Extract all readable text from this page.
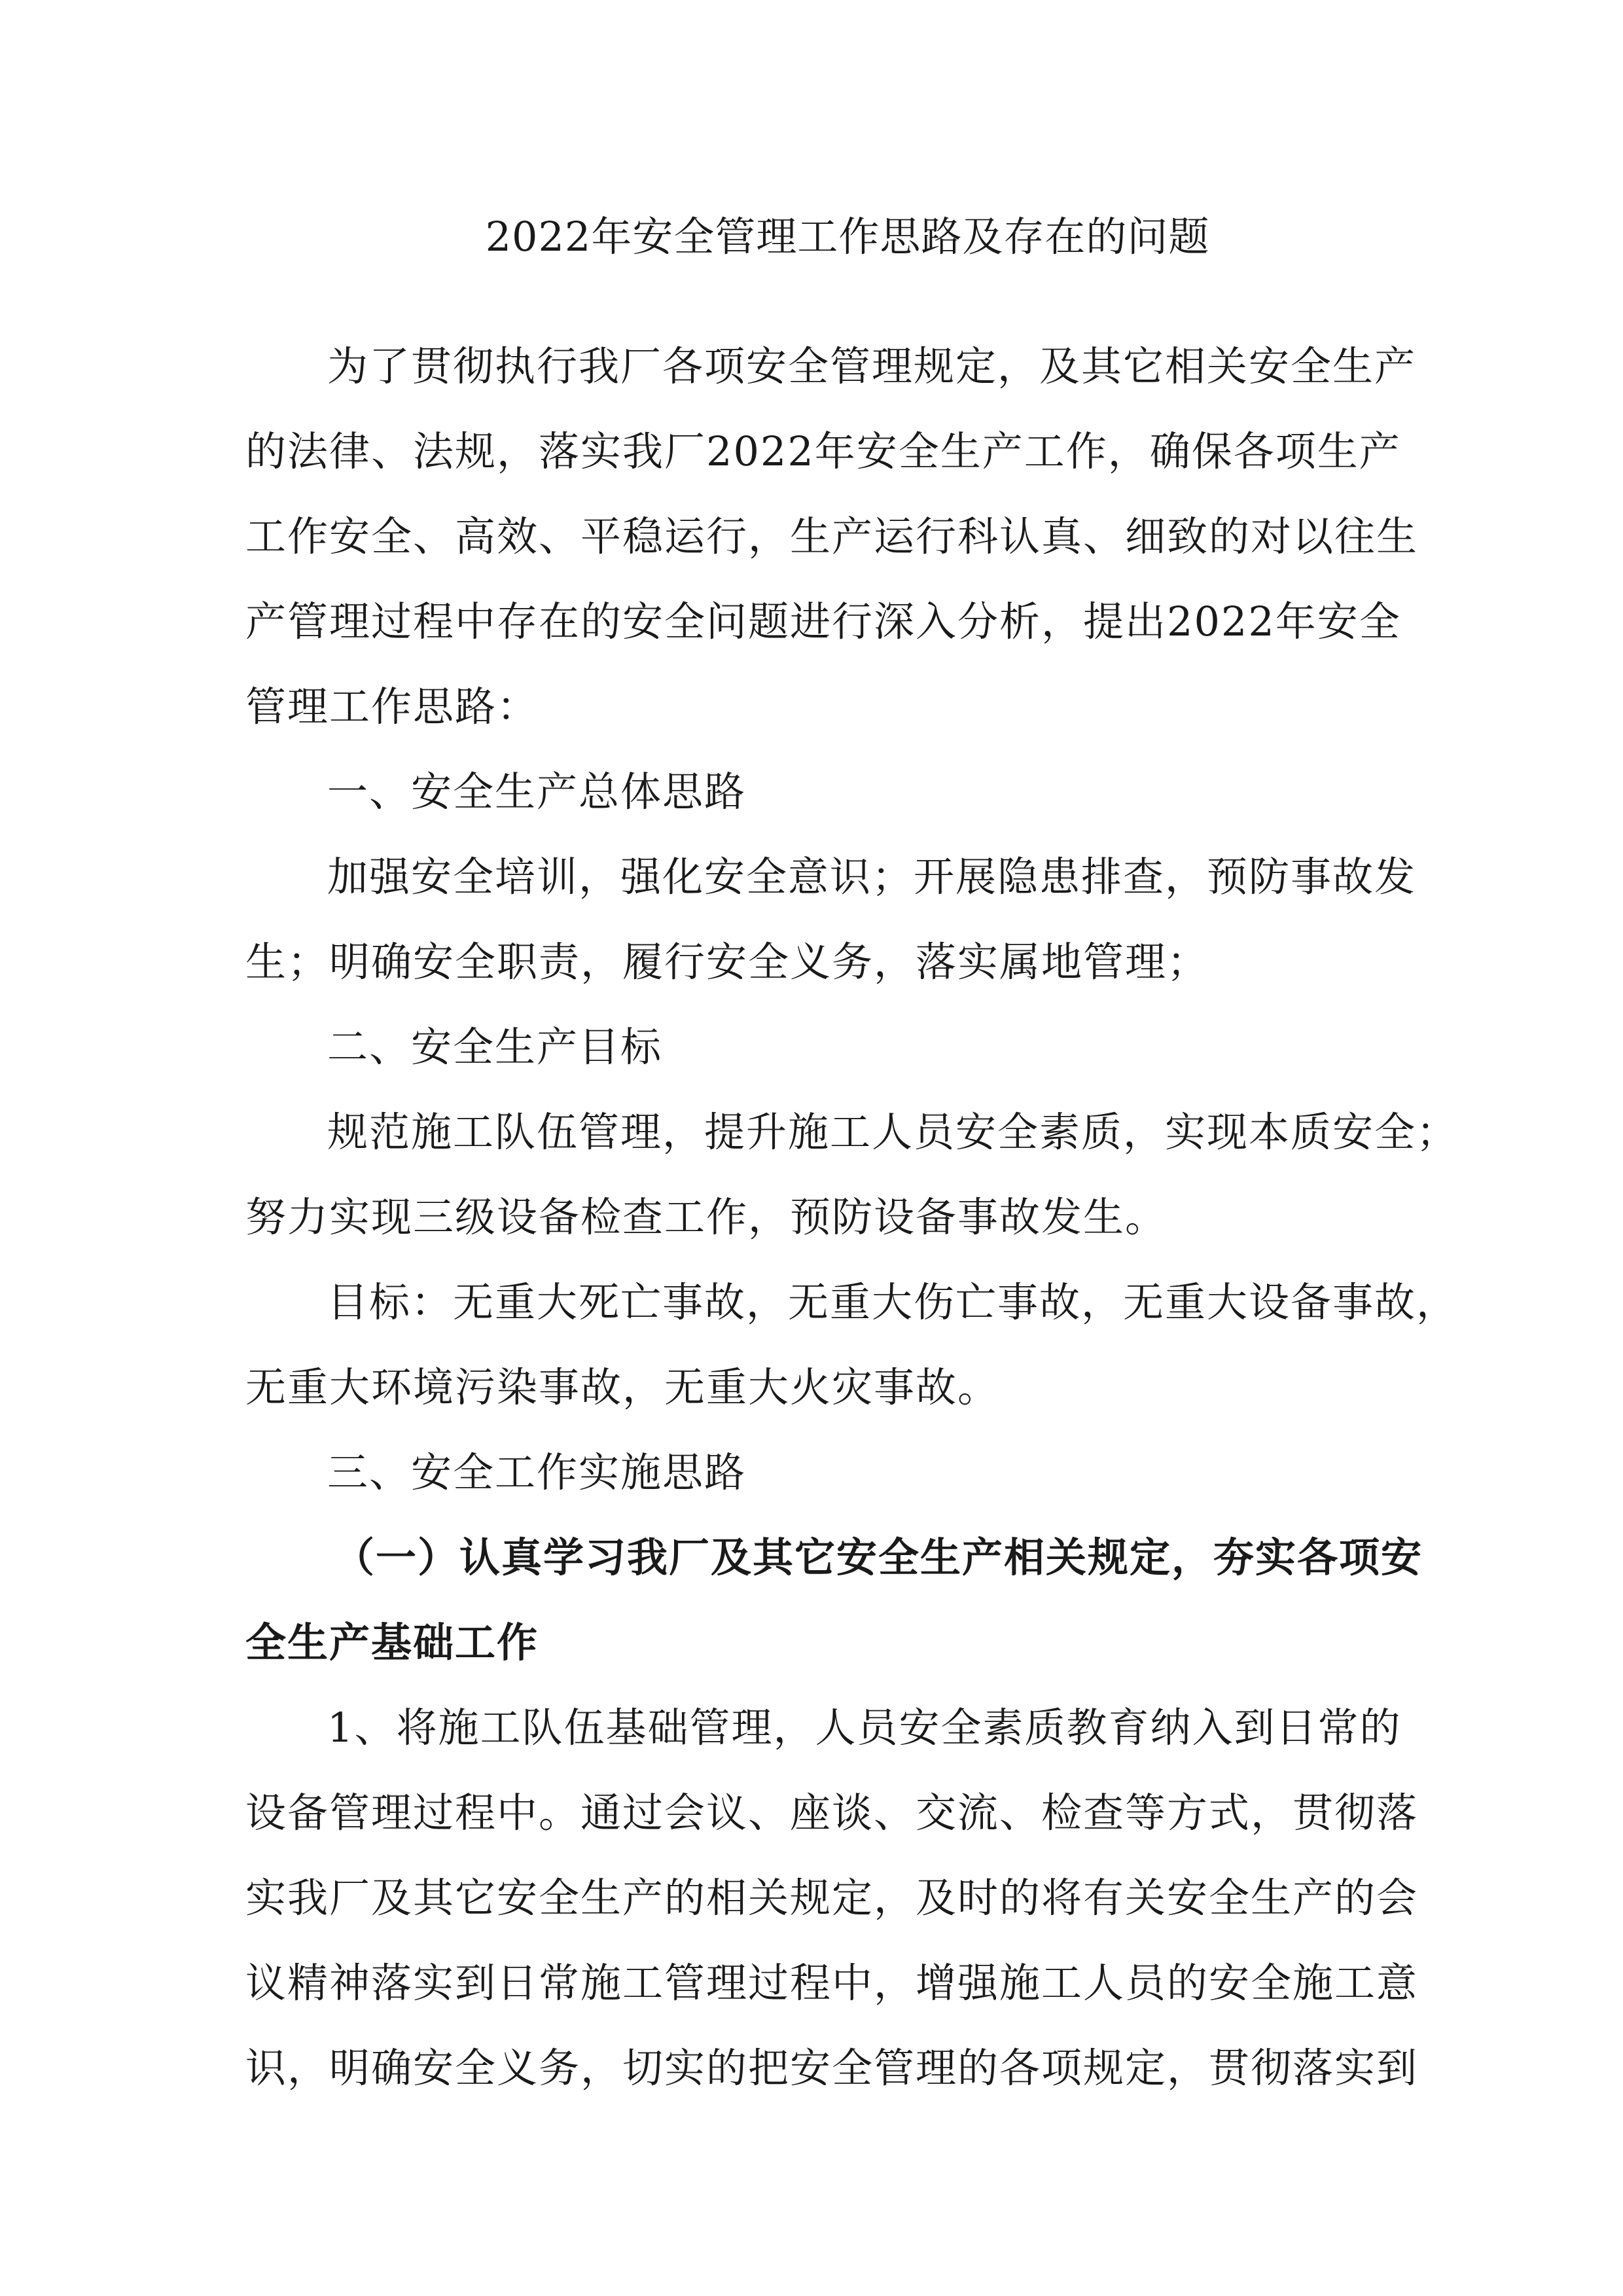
2022年安全管理工作思路及存在的问题
为了贯彻执行我厂各项安全管理规定，及其它相关安全生产
的法律、法规，落实我厂2022年安全生产工作，确保各项生产
工作安全、高效、平稳运行，生产运行科认真、细致的对以往生
产管理过程中存在的安全问题进行深入分析，提出2022年安全
管理工作思路：
一、安全生产总体思路
加强安全培训，强化安全意识；开展隐患排查，预防事故发
生；明确安全职责，履行安全义务，落实属地管理；
二、安全生产目标
规范施工队伍管理，提升施工人员安全素质，实现本质安全；
努力实现三级设备检查工作，预防设备事故发生。
目标：无重大死亡事故，无重大伤亡事故，无重大设备事故，
无重大环境污染事故，无重大火灾事故。
三、安全工作实施思路
（一）认真学习我厂及其它安全生产相关规定，夯实各项安
全生产基础工作
1、将施工队伍基础管理，人员安全素质教育纳入到日常的
设备管理过程中。通过会议、座谈、交流、检查等方式，贯彻落
实我厂及其它安全生产的相关规定，及时的将有关安全生产的会
议精神落实到日常施工管理过程中，增强施工人员的安全施工意
识，明确安全义务，切实的把安全管理的各项规定，贯彻落实到
